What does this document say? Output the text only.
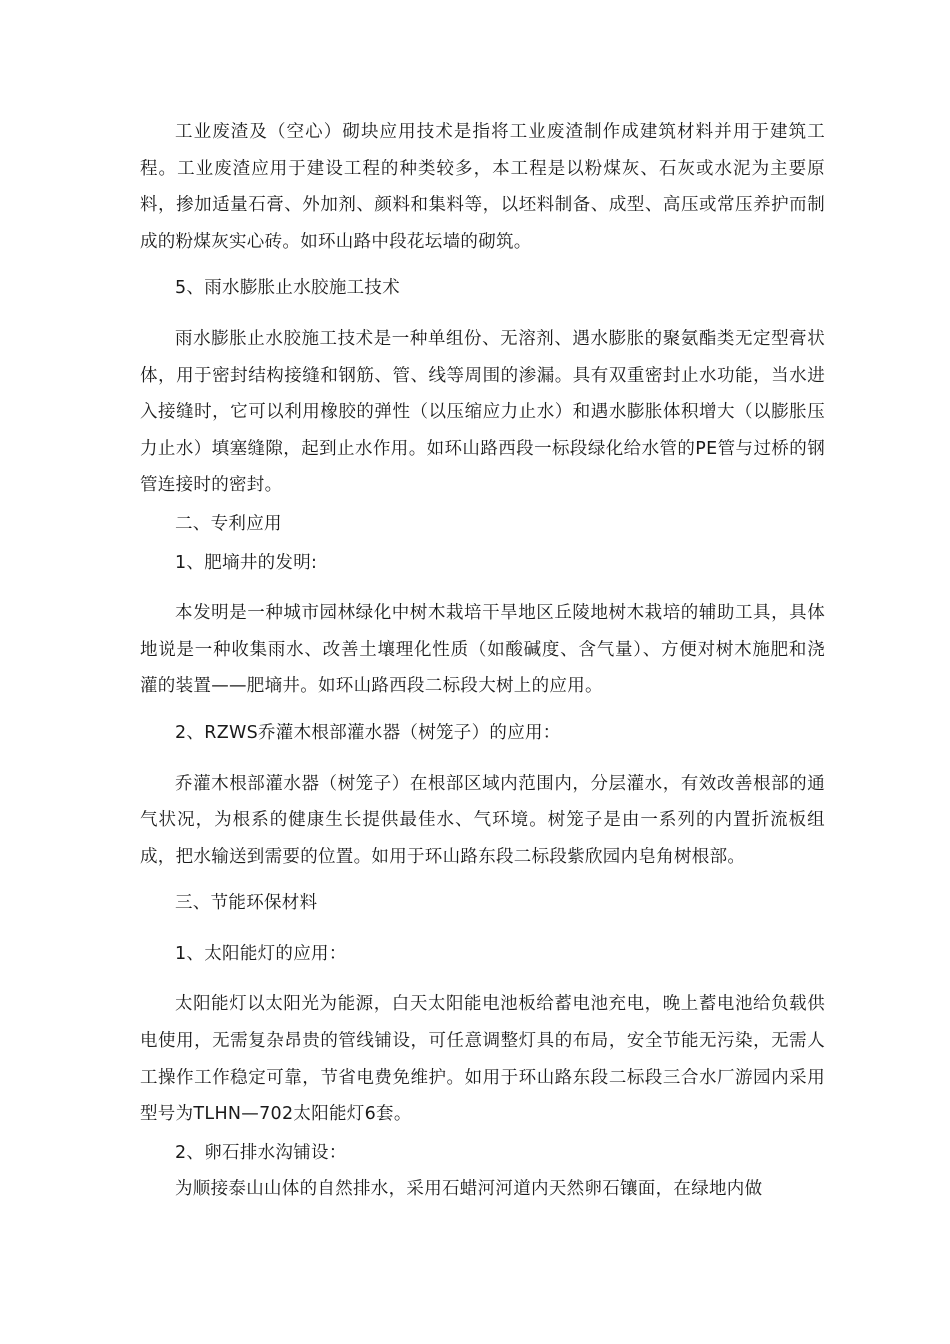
工业废渣及（空心）砌块应用技术是指将工业废渣制作成建筑材料并用于建筑工程。工业废渣应用于建设工程的种类较多，本工程是以粉煤灰、石灰或水泥为主要原料，掺加适量石膏、外加剂、颜料和集料等，以坯料制备、成型、高压或常压养护而制成的粉煤灰实心砖。如环山路中段花坛墙的砌筑。

5、雨水膨胀止水胶施工技术

雨水膨胀止水胶施工技术是一种单组份、无溶剂、遇水膨胀的聚氨酯类无定型膏状体，用于密封结构接缝和钢筋、管、线等周围的渗漏。具有双重密封止水功能，当水进入接缝时，它可以利用橡胶的弹性（以压缩应力止水）和遇水膨胀体积增大（以膨胀压力止水）填塞缝隙，起到止水作用。如环山路西段一标段绿化给水管的PE管与过桥的钢管连接时的密封。

二、专利应用

1、肥墒井的发明:

本发明是一种城市园林绿化中树木栽培干旱地区丘陵地树木栽培的辅助工具，具体地说是一种收集雨水、改善土壤理化性质（如酸碱度、含气量）、方便对树木施肥和浇灌的装置——肥墒井。如环山路西段二标段大树上的应用。

2、RZWS乔灌木根部灌水器（树笼子）的应用：

乔灌木根部灌水器（树笼子）在根部区域内范围内，分层灌水，有效改善根部的通气状况，为根系的健康生长提供最佳水、气环境。树笼子是由一系列的内置折流板组成，把水输送到需要的位置。如用于环山路东段二标段紫欣园内皂角树根部。

三、节能环保材料

1、太阳能灯的应用：

太阳能灯以太阳光为能源，白天太阳能电池板给蓄电池充电，晚上蓄电池给负载供电使用，无需复杂昂贵的管线铺设，可任意调整灯具的布局，安全节能无污染，无需人工操作工作稳定可靠，节省电费免维护。如用于环山路东段二标段三合水厂游园内采用型号为TLHN—702太阳能灯6套。

2、卵石排水沟铺设：

为顺接泰山山体的自然排水，采用石蜡河河道内天然卵石镶面，在绿地内做
